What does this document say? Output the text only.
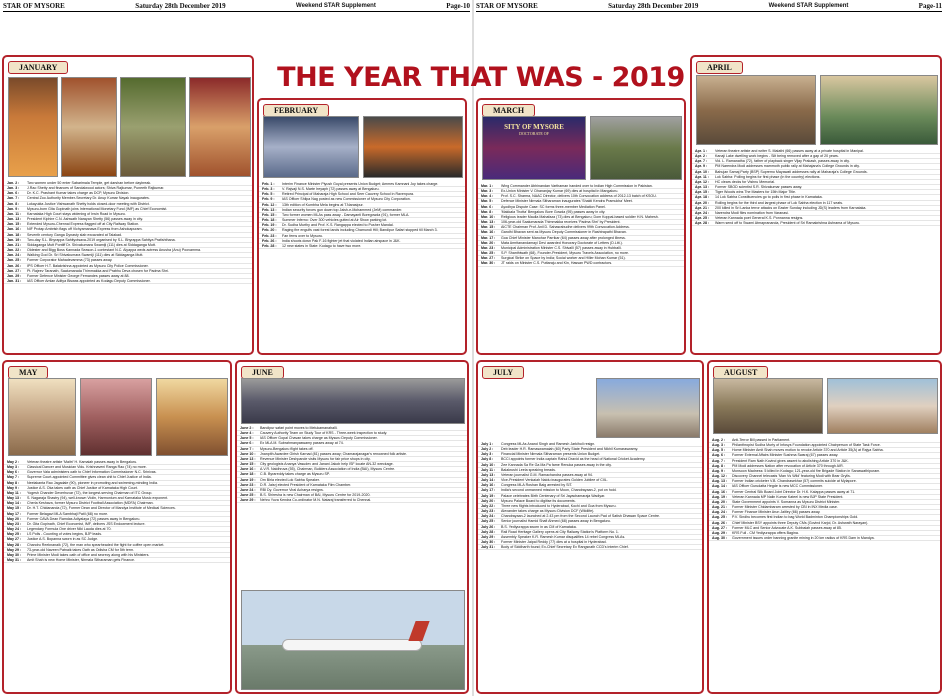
STAR OF MYSORE	Saturday 28th December 2019	Weekend STAR Supplement	Page-10 STAR OF MYSORE	Saturday 28th December 2019	Weekend STAR Supplement	Page-11
THE YEAR THAT WAS - 2019
JANUARY
Jan. 2 :	Two women under 50 enter Sabarimala Temple, get darshan before daybreak.
Jan. 3 :	J.Rao Shetty and finances of Sandalwood actors; Shiva Rajkumar, Puneeth Rajkumar.
Jan. 6 :	Dr. K.C. Prashant Kumar takes charge as DCP, Mysuru Division.
Jan. 7 :	Central Zoo Authority Member-Secretary Dr. Anup Kumar Nayak inaugurates.
Jan. 8 :	Lokayukta Justice Vishwanath Shetty holds closed-door meeting with District.
Jan. 9 :	Mysuru-born Gita Gopinath joins International Monetary Fund (IMF) as Chief Economist.
Jan. 11 :	Karnataka High Court stays widening of Irwin Road in Mysuru.
Jan. 13 :	President Kiphire C.N. Ashwath Narayan Shetty (56) passes away in city.
Jan. 15 :	Extended Mysuru-Chennai Express flagged off at City Railway Station.
Jan. 16 :	NIF Protap Ambrish flags off Vichyamanava Express from Ashokapuram.
Jan. 18 :	Seventh century Ganga Dynasty slab excavated at Talakad.
Jan. 19 :	Two-day S.L. Bhyrappa Sahityotsava-2019 organised by S.L. Bhyrappa Sahitya Pratishthana.
Jan. 21 :	Siddaganga Mutt Pontiff Dr. Shivakumara Swamiji (111) dies at Siddaganga Mutt.
Jan. 22 :	Oldester and Bigg Boss Kannada Season-1 contestant N.C. Aiyappa weds actress Anusha (Anu) Poovamma.
Jan. 24 :	Walking God Dr. Sri Shivakumara Swamiji (111) dies at Siddaganga Mutt.
Jan. 25 :	Former Corporator Mahadevamma (73) passes away.
Jan. 26 :	IPS Officer H.T. Balakrishna appointed as Mysuru City Police Commissioner.
Jan. 27 :	Pt. Rajeev Taranath, Saalumarada Thimmakka and Prabhu Deva chosen for Padma Shri.
Jan. 29 :	Former Defence Minister George Fernandes passes away at 88.
Jan. 31 :	IAS Officer Amlan Aditya Biswas appointed as Kodagu Deputy Commissioner.
FEBRUARY
Feb. 1 :	Interim Finance Minister Piyush Goyal presents Union Budget; Ammes Kamnani Joy takes charge.
Feb. 3 :	V. Rajvaji N.S. Marte Ireyaph (72) passes away at Bengaluru.
Feb. 5 :	Retired Principal of Maharaja High School and Seer Cauvery School in Ravenpura.
Feb. 9 :	IAS Officer Shilpa Nag posted as new Commissioner of Mysuru City Corporation.
Feb. 12 :	13th edition of Kumbha Mela begins at T.Narasipur.
Feb. 13 :	Indian security forces gun down top Jaish-e-Mohammed (JeM) commander.
Feb. 15 :	Two former women MLAs pass away - Damayanti Boregowda (91), former MLA.
Feb. 18 :	Summer Inferno: Over 300 vehicles gutted at Air Show parking lot.
Feb. 19 :	Dr. Sudha Murthy and Prof. K.S. Rangappa elected to Pusher Mandal.
Feb. 20 :	Raging fire engulfs vast forest lands including Chamundi Hill; Bandipur Safari stopped till March 3.
Feb. 23 :	Fan ferns over to Mysuru.
Feb. 26 :	India shoots down Pak F-16 fighter jet that violated Indian airspace in J&K.
Feb. 28 :	12 new states in State: Kodagu to have two more.
MARCH
SITY OF MYSORE
DOCTORATE OF
Mar. 1 :	Wing Commander Abhinandan Varthaman handed over to Indian High Commission in Pakistan.
Mar. 3 :	Ex-Union Minister V. Dhananjay Kumar (69) dies at hospital in Mangaluru.
Mar. 4 :	Prof. S.C. Sharma, NAAC Director, delivers 10th Convocation address of 2012-13 batch of KSOU.
Mar. 5 :	Defence Minister Nirmala Sitharaman inaugurates 'Shakti Kendra Pramukha' Meet.
Mar. 6 :	Ayodhya Dispute Case: SC forms three-member Mediation Panel.
Mar. 8 :	'Makkala Thotta' Bengaluru Bore Gowda (95) passes away in city.
Mar. 10 :	Religious leader Maulla Mahafaza (73) dies at Bengaluru; Dom Koppal-based soldier H.N. Mahesh.
Mar. 13 :	106-year-old Saalumarada Thimmakka receives 'Padma Shri' by President.
Mar. 15 :	AICTE Chairman Prof. Anil D. Sahasrabudhe delivers 99th Convocation Address.
Mar. 16 :	Gandhi Bhavan sent as Mysuru Deputy Commissioner in Rashtrapathi Bhavan.
Mar. 17 :	Goa Chief Minister Manohar Parrikar (64) passes away after prolonged illness.
Mar. 20 :	Mata Amritanandamayi Devi awarded Honorary Doctorate of Letters (D.Litt.).
Mar. 23 :	Municipal Administration Minister C.S. Shivalli (57) passes away in Hubballi.
Mar. 25 :	S.P. Shanthiwath (68), Founder-President, Mysuru Travels Association, no more.
Mar. 27 :	Surgical Strike on Space by India; Social worker and Hiller Mohan Kumar (51).
Mar. 30 :	JT raids on Minister C.S. Puttaraju and Kin, Hassan PWD contractors.
APRIL
Apr. 1 :	Veteran theatre artiste and writer S. Malathi (66) passes away at a private hospital in Manipal.
Apr. 2 :	Kanaji Lake dwelling work begins - Silt being removed after a gap of 20 years.
Apr. 7 :	Vid. L. Ramanatha (72), father of playback singer Vijay Prakash, passes away in city.
Apr. 9 :	PM Narendra Modi addresses mammoth public rally at Mahajana's College Grounds in city.
Apr. 10 :	Bahujan Samaj Party (BSP) Supremo Mayawati addresses rally at Maharaja's College Grounds.
Apr. 11 :	Lok Sabha: Polling begins for first phase (in the country) elections.
Apr. 12 :	HC clears decks for Vishnu Memorial.
Apr. 13 :	Former SBOD scientist S.R. Shivakumar passes away.
Apr. 15 :	Tiger Woods wins The Masters for 15th Major Title.
Apr. 18 :	14 Lok Sabha Constituencies go to polls in first phase in Karnataka.
Apr. 20 :	Rolling begins for the third and largest phase of Lok Sabha election in 117 seats.
Apr. 21 :	200 killed in Sri Lanka terror attacks on Easter Sunday including JD(S) leaders from Karnataka.
Apr. 24 :	Narendra Modi files nomination from Varanasi.
Apr. 25 :	Veteran Kannada poet General K.S. Ponnanna resigns.
Apr. 28 :	Warm send off to Swami Atmaprananda, President of Sri Ramakrishna Ashrama of Mysuru.
MAY
May 2 :	Veteran theatre artiste 'Maitri' H. Kamaiah passes away in Bengaluru.
May 3 :	Classical Dancer and Musician Vidu. Krishnaveni Ranga Rao (74) no more.
May 6 :	Governor Vala administers oath to Chief Information Commissioner N.C. Srinivas.
May 7 :	Supreme Court-appointed Committee gives clean chit to Chief Justice of India.
May 8 :	Neelakanta Rao Jagadale (90), pioneer in promoting and swimming-minding India.
May 9 :	Justice A.S. Oka takes oath as Chief Justice of Karnataka High Court.
May 11 :	Yogesh Chander Deverhuvar (72), the longest-serving Chairman of ITC Group.
May 13 :	S. Nagaraja Shastry (94), well-known Violin, Harmonium and Karnataka Music exponent.
May 14 :	Cherla Keshava, former Mysuru District Football Association (MDFA) Chairman.
May 15 :	Dr. H.T. Chidananda (72), Former Dean and Director of Mandya Institute of Medical Sciences.
May 17 :	Former Belagavi MLA Sambhaji Patil (68) no more.
May 20 :	Former CAVA Dean Ramdas Adiyalaya (72) passes away in Bengaluru.
May 23 :	Dr. Gita Gopinath, Chief Economist, IMF, delivers JSS Endowment lecture.
May 24 :	Legendary Formula One driver Niki Lauda dies at 70.
May 25 :	LS Polls - Counting of votes begins, BJP leads.
May 27 :	Justice A.S. Bopanna sworn in as SC Judge.
May 28 :	Chandru Reeknanaik (72), the man who spearheaded the fight for coffee open market.
May 29 :	73-year-old Naveen Patnaik takes Oath as Odisha CM for 5th term.
May 30 :	Prime Minister Modi takes oath of office and secrecy along with his Ministers.
May 31 :	Amit Shah is new Home Minister, Nirmala Sitharaman gets Finance.
JUNE
June 2 :	Bandipur safari point moves to Melukamanahalli.
June 4 :	Cauvery Authority Team on Study Tour of KRS - Three-week inspection to study.
June 5 :	IAS Officer Gopal Chavan takes charge as Mysuru Deputy Commissioner.
June 6 :	Ex MLA M. Subrahmanyaswamy passes away at 74.
June 7 :	Mysuru-Bengaluru flight takes off.
June 10 :	Jnanpith Awardee Girish Karnad (81) passes away; Chamarajanagar's renowned folk artiste.
June 13 :	Revenue Minister Deshpande visits Mysuru for fair price shops in city.
June 15 :	City geologists Ananya Vasudev and Janani Jakob help ISF locate AN-32 wreckage.
June 16 :	A.V.R. Naidhruva (55), Chairman, Builders Association of India (BAI), Mysuru Centre.
June 18 :	C.B. Byrareddy takes charge as Mysuru SP.
June 19 :	Om Birla elected Lok Sabha Speaker.
June 23 :	D.R. Jaisrj elected President of Karnataka Film Chamber.
June 24 :	RBI Dy. Governor Viral Acharya resigns.
June 25 :	B.S. Shiresha is new Chairman of BAI, Mysuru Centre for 2019-2020.
June 29 :	Nehru Yuva Kendra Co-ordinator M.N. Nataraj transferred to Chennai.
JULY
July 1 :	Congress MLAs Anand Singh and Ramesh Jarkiholi resign.
July 2 :	Deb leader H.R. Ramaswamaiah (60) Party State President and Nikhil Kumaraswamy.
July 3 :	Financial Minister Nirmala Sitharaman presents Union Budget.
July 8 :	BCCI appoints former India captain Rahul Dravid as the head of National Cricket Academy.
July 10 :	Zee Kannada Sa Re Ga Ma Pa fame Renuka passes away in the city.
July 11 :	Balakrushi Leela speaking breads.
July 13 :	Veteran journalist G.M. Ramachandra passes away at 94.
July 14 :	Vice-President Venkaiah Naidu inaugurates Golden Jubilee of CIIL.
July 16 :	Congress MLA Roshan Baig arrested by SIT.
July 17 :	India's second unmanned mission to Moon, Chandrayaan-2, put on hold.
July 19 :	Palace celebrates Birth Centenary of Sri Jayachamaraja Wadiyar.
July 20 :	Mysuru Palace Board to digitise its documents.
July 22 :	Three new flights introduced to Hyderabad, Kochi and Goa from Mysuru.
July 23 :	Alexander takes charge as Mysuru Division DCF (Wildlife).
July 24 :	Chandrayaan-2 launched at 2.43 pm from the Second Launch Pad of Satish Dhawan Space Centre.
July 25 :	Senior journalist Hamid Shafi Ahmed (68) passes away in Bengaluru.
July 26 :	B.S. Yediyurappa sworn in as CM of Karnataka.
July 28 :	Rail Road Heritage Gallery opens at City Railway Station's Platform No. 1.
July 29 :	Assembly Speaker K.R. Ramesh Kumar disqualifies 14 rebel Congress MLAs.
July 30 :	Former Minister Jaipal Reddy (77) dies at a hospital in Hyderabad.
July 31 :	Body of Siddharth found; Ex-Chief Secretary Ex Rangsnath CCD's interim Chief.
AUGUST
Aug. 2 :	Anti-Terror Bill passed in Parliament.
Aug. 3 :	Philanthropist Sudha Murty of Infosys Foundation appointed Chairperson of State Task Force.
Aug. 5 :	Home Minister Amit Shah moves motion to revoke Article 370 and Article 35(A) at Rajya Sabha.
Aug. 6 :	Former External Affairs Minister Sushma Swaraj (67) passes away.
Aug. 7 :	President Ram Nath Kovind gives assent to abolishing Article 370 in J&K.
Aug. 8 :	PM Modi addresses Nation after revocation of Article 370 through AIR.
Aug. 9 :	Monsoon Madness: 5 killed in Kodagu; 121-year-old fire Brigade Station in Saraswathipuram.
Aug. 12 :	Discovery Channel telecasts 'Man Vs Wild' featuring Modi with Bear Grylls.
Aug. 13 :	Former Indian cricketer V.B. Chandrasekhar (57) commits suicide at Mylapore.
Aug. 14 :	IAS Officer Gurudatta Hegde is new MCC Commissioner.
Aug. 16 :	Former Central Silk Board Joint Director Dr. H.K. Kalappa passes away at 71.
Aug. 19 :	Veteran Kannada MP Nalin Kumar Kateel is new BJP State President.
Aug. 20 :	State Government appoints V. Somanna as Mysuru District Minister.
Aug. 21 :	Former Minister Chidambaram arrested by CBI in INX Media case.
Aug. 24 :	Former Finance Minister Arun Jaitley (66) passes away.
Aug. 25 :	P.V. Sindhu becomes first Indian to bag World Badminton Championships Gold.
Aug. 26 :	Chief Minister BSY appoints three Deputy CMs (Govind Karjol, Dr. Ashwath Narayan).
Aug. 27 :	Former MLC and Senior Advocate A.K. Subbaiah passes away at 85.
Aug. 29 :	KRS Full - CM Yediyurappa offers Bagina.
Aug. 30 :	Government issues order banning granite mining in 20 km radius of KRS Dam in Mandya.
